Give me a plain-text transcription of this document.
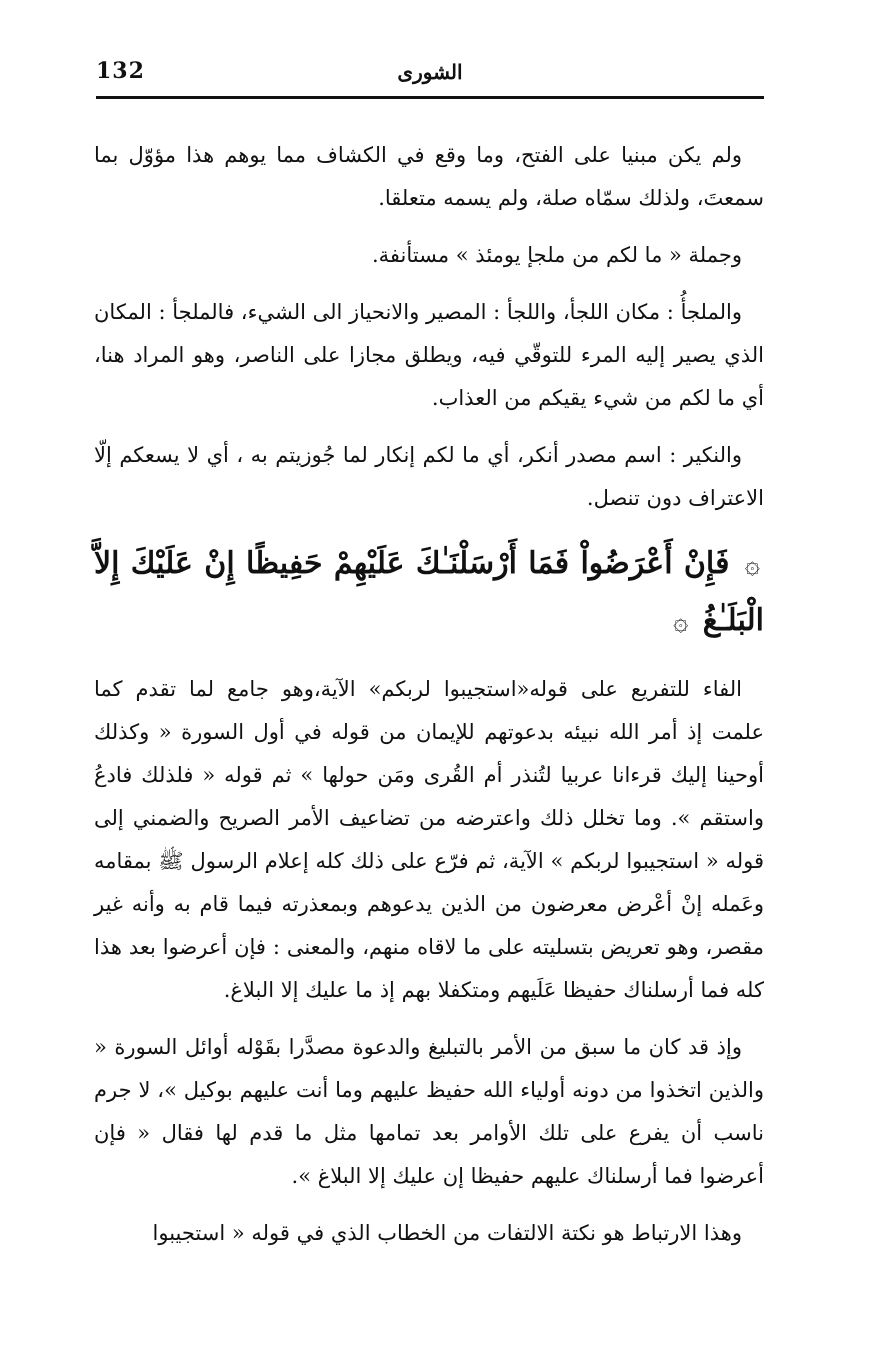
الشورى
132

ولم يكن مبنيا على الفتح، وما وقع في الكشاف مما يوهم هذا مؤوّل بما سمعتَ، ولذلك سمّاه صلة، ولم يسمه متعلقا.

وجملة « ما لكم من ملجإ يومئذ » مستأنفة.

والملجأُ : مكان اللجأ، واللجأ : المصير والانحياز الى الشيء، فالملجأ : المكان الذي يصير إليه المرء للتوقّي فيه، ويطلق مجازا على الناصر، وهو المراد هنا، أي ما لكم من شيء يقيكم من العذاب.

والنكير : اسم مصدر أنكر، أي ما لكم إنكار لما جُوزيتم به ، أي لا يسعكم إلّا الاعتراف دون تنصل.

۞ فَإِنْ أَعْرَضُواْ فَمَا أَرْسَلْنَـٰكَ عَلَيْهِمْ حَفِيظًا إِنْ عَلَيْكَ إِلاَّ الْبَلَـٰغُ ۞

الفاء للتفريع على قوله«استجيبوا لربكم» الآية،وهو جامع لما تقدم كما علمت إذ أمر الله نبيئه بدعوتهم للإيمان من قوله في أول السورة « وكذلك أوحينا إليك قرءانا عربيا لتُنذر أم القُرى ومَن حولها » ثم قوله « فلذلك فادعُ واستقم ». وما تخلل ذلك واعترضه من تضاعيف الأمر الصريح والضمني إلى قوله « استجيبوا لربكم » الآية، ثم فرّع على ذلك كله إعلام الرسول ﷺ بمقامه وعَمله إنْ أعْرض معرضون من الذين يدعوهم وبمعذرته فيما قام به وأنه غير مقصر، وهو تعريض بتسليته على ما لاقاه منهم، والمعنى : فإن أعرضوا بعد هذا كله فما أرسلناك حفيظا عَلَيهم ومتكفلا بهم إذ ما عليك إلا البلاغ.

وإذ قد كان ما سبق من الأمر بالتبليغ والدعوة مصدَّرا بقَوْله أوائل السورة « والذين اتخذوا من دونه أولياء الله حفيظ عليهم وما أنت عليهم بوكيل »، لا جرم ناسب أن يفرع على تلك الأوامر بعد تمامها مثل ما قدم لها فقال « فإن أعرضوا فما أرسلناك عليهم حفيظا إن عليك إلا البلاغ ».

وهذا الارتباط هو نكتة الالتفات من الخطاب الذي في قوله « استجيبوا
